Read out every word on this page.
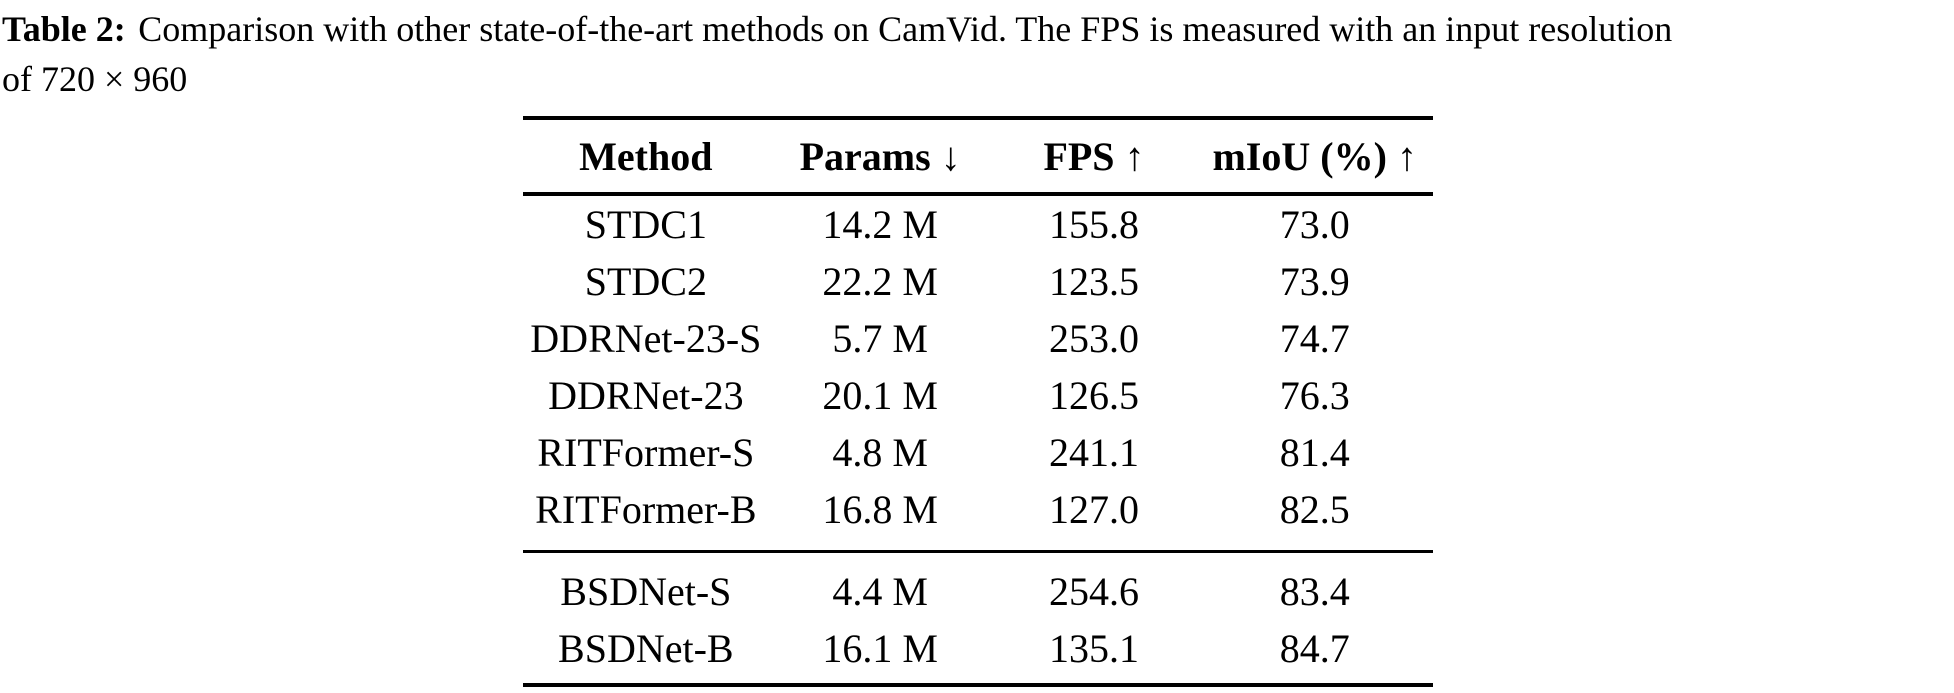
Table 2: Comparison with other state-of-the-art methods on CamVid. The FPS is measured with an input resolution
of 720 × 960
Method	Params ↓	FPS ↑	mIoU (%) ↑
STDC1	14.2 M	155.8	73.0
STDC2	22.2 M	123.5	73.9
DDRNet-23-S	5.7 M	253.0	74.7
DDRNet-23	20.1 M	126.5	76.3
RITFormer-S	4.8 M	241.1	81.4
RITFormer-B	16.8 M	127.0	82.5
BSDNet-S	4.4 M	254.6	83.4
BSDNet-B	16.1 M	135.1	84.7
